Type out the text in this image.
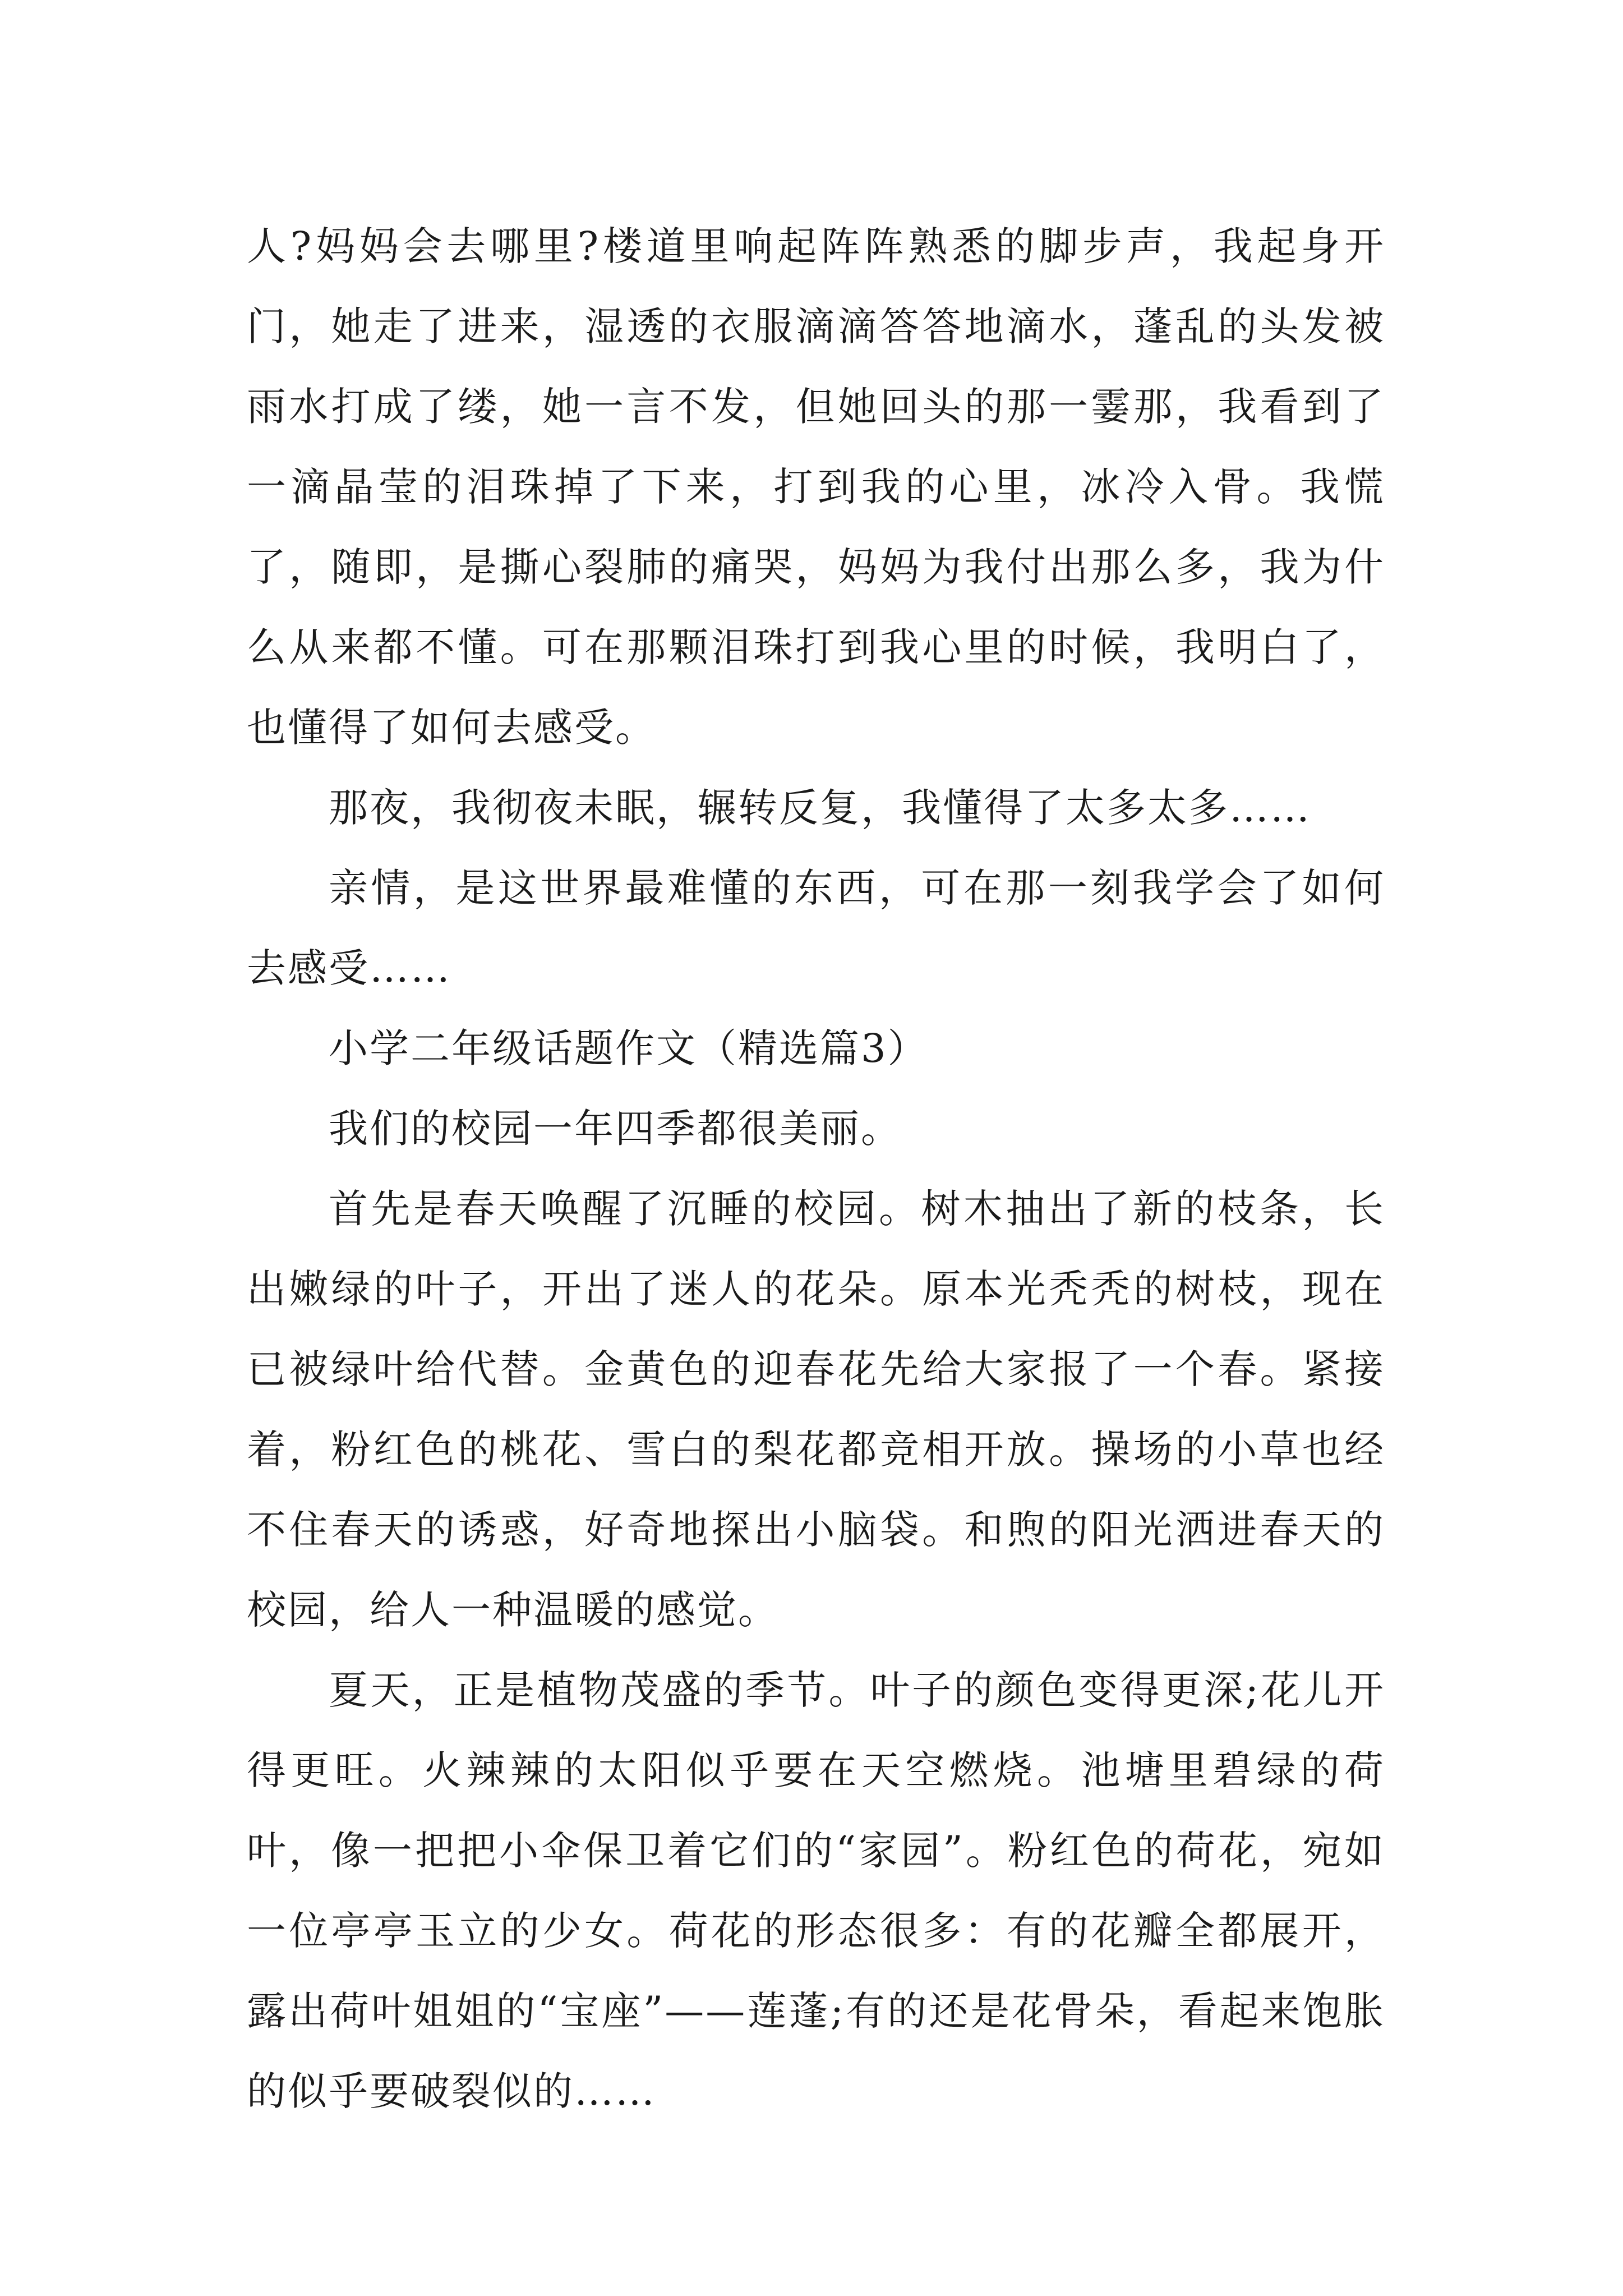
人?妈妈会去哪里?楼道里响起阵阵熟悉的脚步声，我起身开门，她走了进来，湿透的衣服滴滴答答地滴水，蓬乱的头发被雨水打成了缕，她一言不发，但她回头的那一霎那，我看到了一滴晶莹的泪珠掉了下来，打到我的心里，冰冷入骨。我慌了，随即，是撕心裂肺的痛哭，妈妈为我付出那么多，我为什么从来都不懂。可在那颗泪珠打到我心里的时候，我明白了，也懂得了如何去感受。

那夜，我彻夜未眠，辗转反复，我懂得了太多太多……

亲情，是这世界最难懂的东西，可在那一刻我学会了如何去感受……

小学二年级话题作文（精选篇3）

我们的校园一年四季都很美丽。

首先是春天唤醒了沉睡的校园。树木抽出了新的枝条，长出嫩绿的叶子，开出了迷人的花朵。原本光秃秃的树枝，现在已被绿叶给代替。金黄色的迎春花先给大家报了一个春。紧接着，粉红色的桃花、雪白的梨花都竞相开放。操场的小草也经不住春天的诱惑，好奇地探出小脑袋。和煦的阳光洒进春天的校园，给人一种温暖的感觉。

夏天，正是植物茂盛的季节。叶子的颜色变得更深;花儿开得更旺。火辣辣的太阳似乎要在天空燃烧。池塘里碧绿的荷叶，像一把把小伞保卫着它们的“家园”。粉红色的荷花，宛如一位亭亭玉立的少女。荷花的形态很多：有的花瓣全都展开，露出荷叶姐姐的“宝座”——莲蓬;有的还是花骨朵，看起来饱胀的似乎要破裂似的……
